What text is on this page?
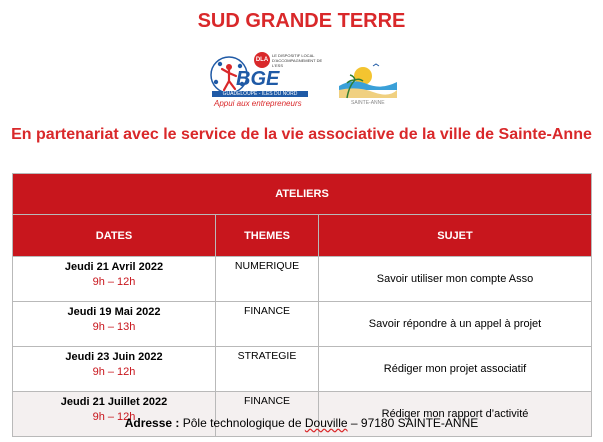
SUD GRANDE TERRE
DLA
LE DISPOSITIF LOCAL D'ACCOMPAGNEMENT DE L'ESS
BGE
GUADELOUPE - ÎLES DU NORD
Appui aux entrepreneurs	SAINTE-ANNE
En partenariat avec le service de la vie associative de la ville de Sainte-Anne
ATELIERS		
DATES	THEMES	SUJET

Jeudi 21 Avril 2022
9h – 12h	NUMERIQUE	Savoir utiliser mon compte Asso

Jeudi 19 Mai 2022
9h – 13h	FINANCE	Savoir répondre à un appel à projet

Jeudi 23 Juin 2022
9h – 12h	STRATEGIE	Rédiger mon projet associatif

Jeudi 21 Juillet 2022
9h – 12h	FINANCE	Rédiger mon rapport d’activité
Adresse : Pôle technologique de Douville – 97180 SAINTE-ANNE
